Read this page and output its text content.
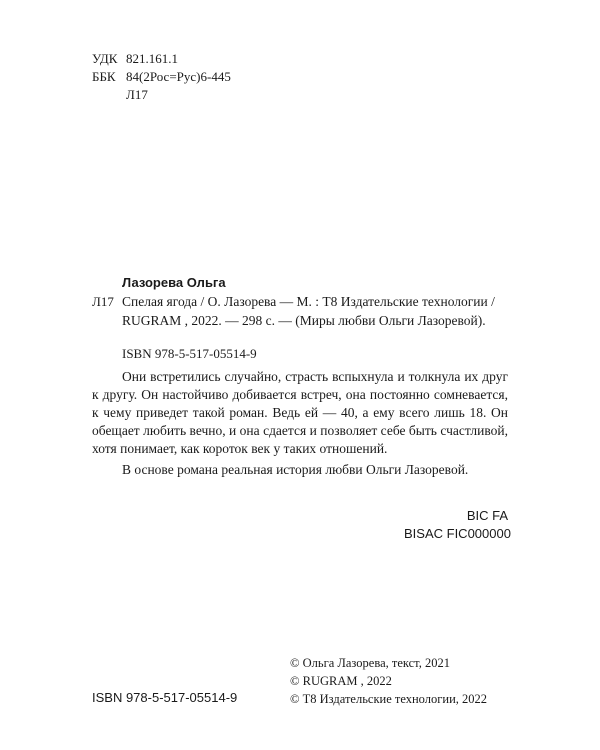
УДК 821.161.1
ББК 84(2Рос=Рус)6-445
Л17
Лазорева Ольга
Л17 Спелая ягода / О. Лазорева — М. : Т8 Издательские технологии / RUGRAM , 2022. — 298 с. — (Миры любви Ольги Лазоревой).
ISBN 978-5-517-05514-9

Они встретились случайно, страсть вспыхнула и толкнула их друг к другу. Он настойчиво добивается встреч, она постоянно сомневается, к чему приведет такой роман. Ведь ей — 40, а ему всего лишь 18. Он обещает любить вечно, и она сдается и позволяет себе быть счастливой, хотя понимает, как короток век у таких отношений.

В основе романа реальная история любви Ольги Лазоревой.

BIC FA
BISAC FIC000000
ISBN 978-5-517-05514-9
© Ольга Лазорева, текст, 2021
© RUGRAM , 2022
© Т8 Издательские технологии, 2022
